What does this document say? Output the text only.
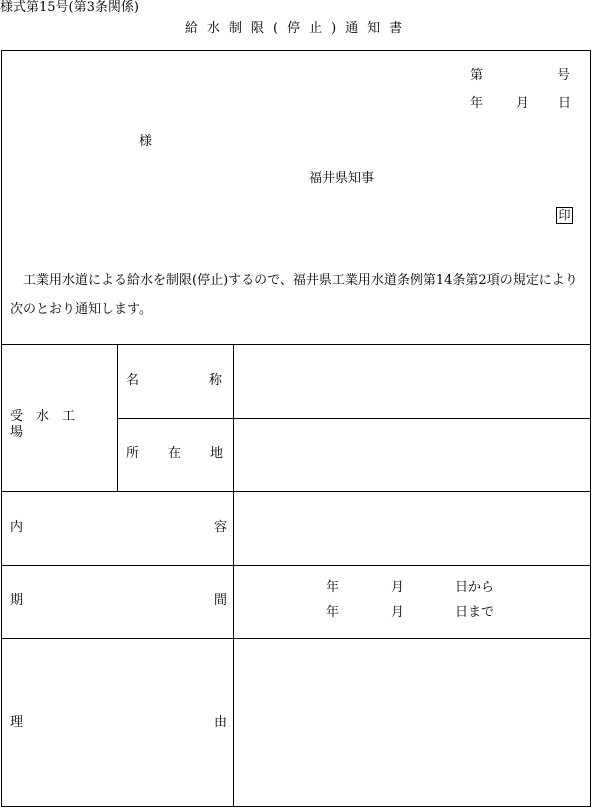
様式第15号(第3条関係)
給水制限(停止)通知書
第	号
年	月 日
様
福井県知事
印
　工業用水道による給水を制限(停止)するので、福井県工業用水道条例第14条第2項の規定により次のとおり通知します。
受水工場
名称
所在地
内容
期間
年	月	日から
年	月	日まで
理由
